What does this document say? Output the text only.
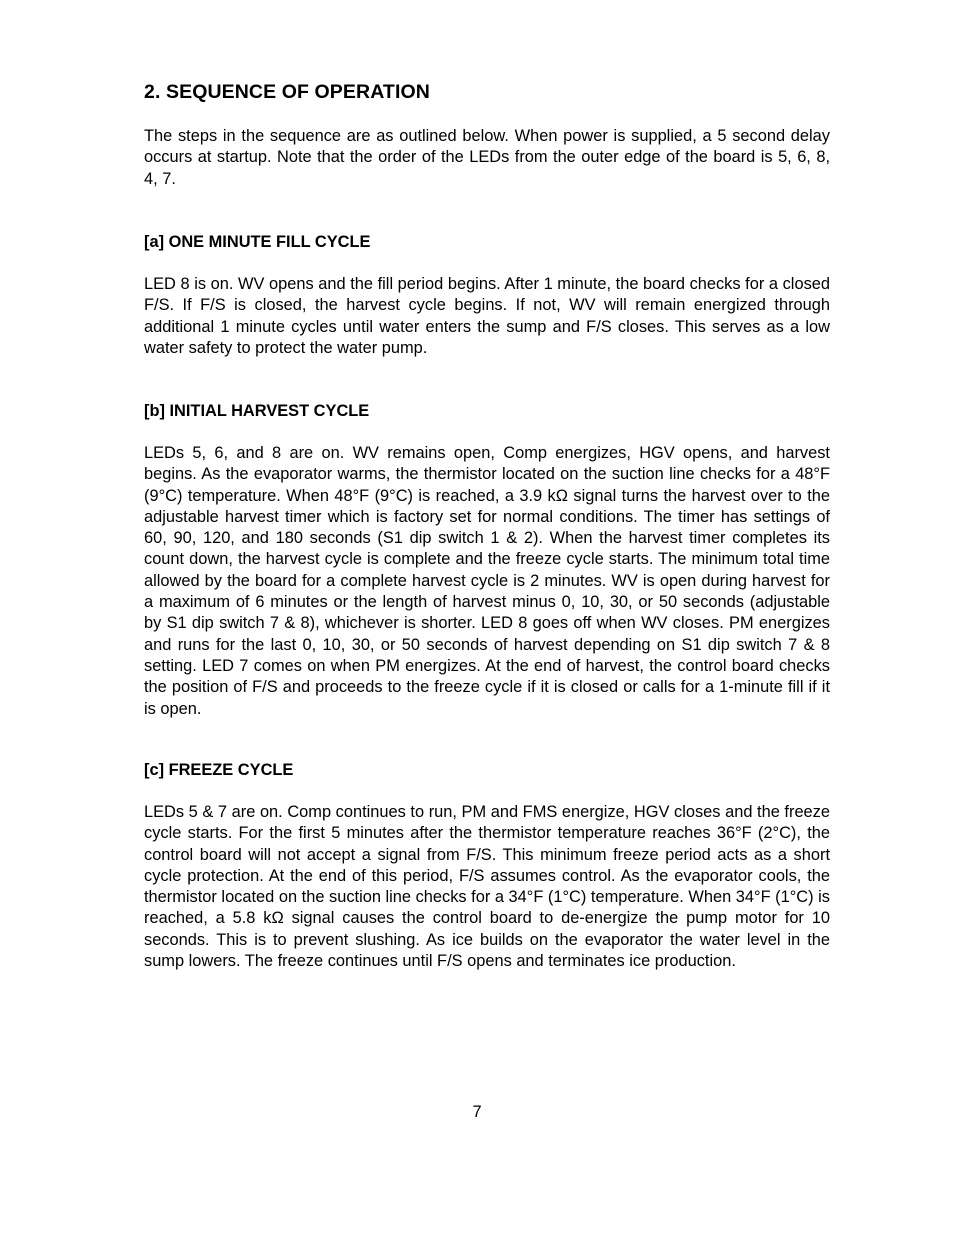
2. SEQUENCE OF OPERATION

The steps in the sequence are as outlined below. When power is supplied, a 5 second delay occurs at startup. Note that the order of the LEDs from the outer edge of the board is 5, 6, 8, 4, 7.

[a] ONE MINUTE FILL CYCLE

LED 8 is on. WV opens and the fill period begins. After 1 minute, the board checks for a closed F/S. If F/S is closed, the harvest cycle begins. If not, WV will remain energized through additional 1 minute cycles until water enters the sump and F/S closes. This serves as a low water safety to protect the water pump.

[b] INITIAL HARVEST CYCLE

LEDs 5, 6, and 8 are on. WV remains open, Comp energizes, HGV opens, and harvest begins. As the evaporator warms, the thermistor located on the suction line checks for a 48°F (9°C) temperature. When 48°F (9°C) is reached, a 3.9 kΩ signal turns the harvest over to the adjustable harvest timer which is factory set for normal conditions. The timer has settings of 60, 90, 120, and 180 seconds (S1 dip switch 1 & 2). When the harvest timer completes its count down, the harvest cycle is complete and the freeze cycle starts. The minimum total time allowed by the board for a complete harvest cycle is 2 minutes. WV is open during harvest for a maximum of 6 minutes or the length of harvest minus 0, 10, 30, or 50 seconds (adjustable by S1 dip switch 7 & 8), whichever is shorter. LED 8 goes off when WV closes. PM energizes and runs for the last 0, 10, 30, or 50 seconds of harvest depending on S1 dip switch 7 & 8 setting. LED 7 comes on when PM energizes. At the end of harvest, the control board checks the position of F/S and proceeds to the freeze cycle if it is closed or calls for a 1-minute fill if it is open.

[c] FREEZE CYCLE

LEDs 5 & 7 are on. Comp continues to run, PM and FMS energize, HGV closes and the freeze cycle starts. For the first 5 minutes after the thermistor temperature reaches 36°F (2°C), the control board will not accept a signal from F/S. This minimum freeze period acts as a short cycle protection. At the end of this period, F/S assumes control. As the evaporator cools, the thermistor located on the suction line checks for a 34°F (1°C) temperature. When 34°F (1°C) is reached, a 5.8 kΩ signal causes the control board to de-energize the pump motor for 10 seconds. This is to prevent slushing. As ice builds on the evaporator the water level in the sump lowers. The freeze continues until F/S opens and terminates ice production.

7
